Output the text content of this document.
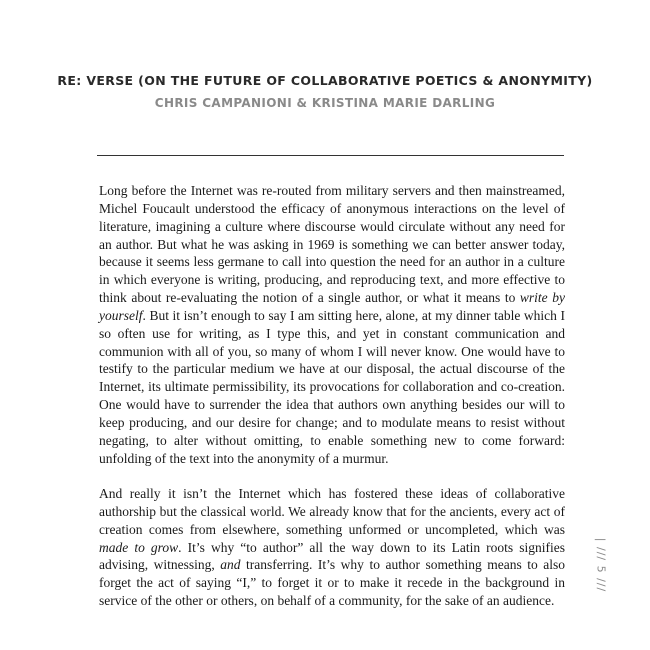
RE: VERSE (ON THE FUTURE OF COLLABORATIVE POETICS & ANONYMITY)
CHRIS CAMPANIONI & KRISTINA MARIE DARLING

Long before the Internet was re-routed from military servers and then mainstreamed, Michel Foucault understood the efficacy of anonymous interactions on the level of literature, imagining a culture where discourse would circulate without any need for an author. But what he was asking in 1969 is something we can better answer today, because it seems less germane to call into question the need for an author in a culture in which everyone is writing, producing, and reproducing text, and more effective to think about re-evaluating the notion of a single author, or what it means to write by yourself. But it isn’t enough to say I am sitting here, alone, at my dinner table which I so often use for writing, as I type this, and yet in constant communication and communion with all of you, so many of whom I will never know. One would have to testify to the particular medium we have at our disposal, the actual discourse of the Internet, its ultimate permissibility, its provocations for collaboration and co-creation. One would have to surrender the idea that authors own anything besides our will to keep producing, and our desire for change; and to modulate means to resist without negating, to alter without omitting, to enable something new to come forward: unfolding of the text into the anonymity of a murmur.

And really it isn’t the Internet which has fostered these ideas of collaborative authorship but the classical world. We already know that for the ancients, every act of creation comes from elsewhere, something unformed or uncompleted, which was made to grow. It’s why “to author” all the way down to its Latin roots signifies advising, witnessing, and transferring. It’s why to author something means to also forget the act of saying “I,” to forget it or to make it recede in the background in service of the other or others, on behalf of a community, for the sake of an audience.

| /// 5 ///
